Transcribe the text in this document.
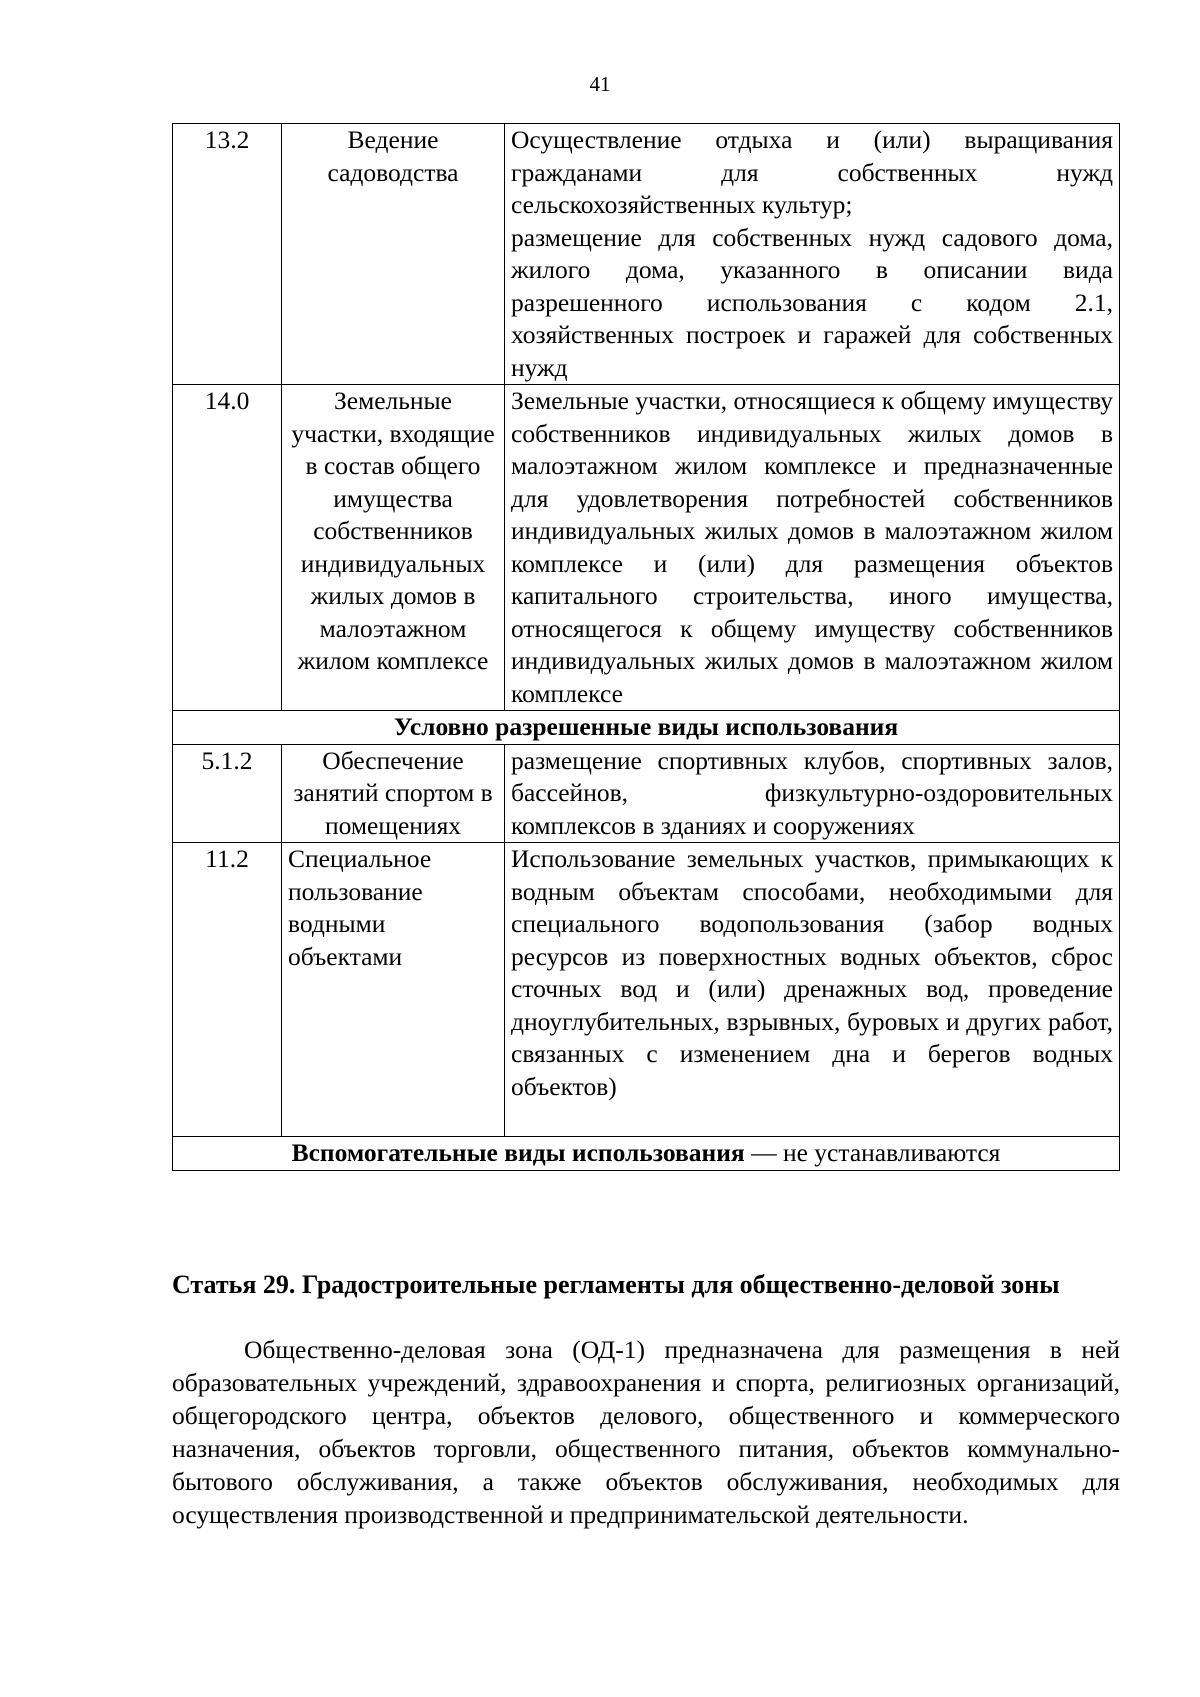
41
13.2	Ведение садоводства	Осуществление отдыха и (или) выращивания гражданами для собственных нужд сельскохозяйственных культур;
размещение для собственных нужд садового дома, жилого дома, указанного в описании вида разрешенного использования с кодом 2.1, хозяйственных построек и гаражей для собственных нужд

14.0	Земельные участки, входящие в состав общего имущества собственников индивидуальных жилых домов в малоэтажном жилом комплексе	Земельные участки, относящиеся к общему имуществу собственников индивидуальных жилых домов в малоэтажном жилом комплексе и предназначенные для удовлетворения потребностей собственников индивидуальных жилых домов в малоэтажном жилом комплексе и (или) для размещения объектов капитального строительства, иного имущества, относящегося к общему имуществу собственников индивидуальных жилых домов в малоэтажном жилом комплексе
Условно разрешенные виды использования		
5.1.2	Обеспечение занятий спортом в помещениях	размещение спортивных клубов, спортивных залов, бассейнов, физкультурно-оздоровительных комплексов в зданиях и сооружениях
11.2	Специальное пользование водными объектами	Использование земельных участков, примыкающих к водным объектам способами, необходимыми для специального водопользования (забор водных ресурсов из поверхностных водных объектов, сброс сточных вод и (или) дренажных вод, проведение дноуглубительных, взрывных, буровых и других работ, связанных с изменением дна и берегов водных объектов)
Вспомогательные виды использования — не устанавливаются		

Статья 29. Градостроительные регламенты для общественно-деловой зоны

Общественно-деловая зона (ОД-1) предназначена для размещения в ней образовательных учреждений, здравоохранения и спорта, религиозных организаций, общегородского центра, объектов делового, общественного и коммерческого назначения, объектов торговли, общественного питания, объектов коммунально-бытового обслуживания, а также объектов обслуживания, необходимых для осуществления производственной и предпринимательской деятельности.
